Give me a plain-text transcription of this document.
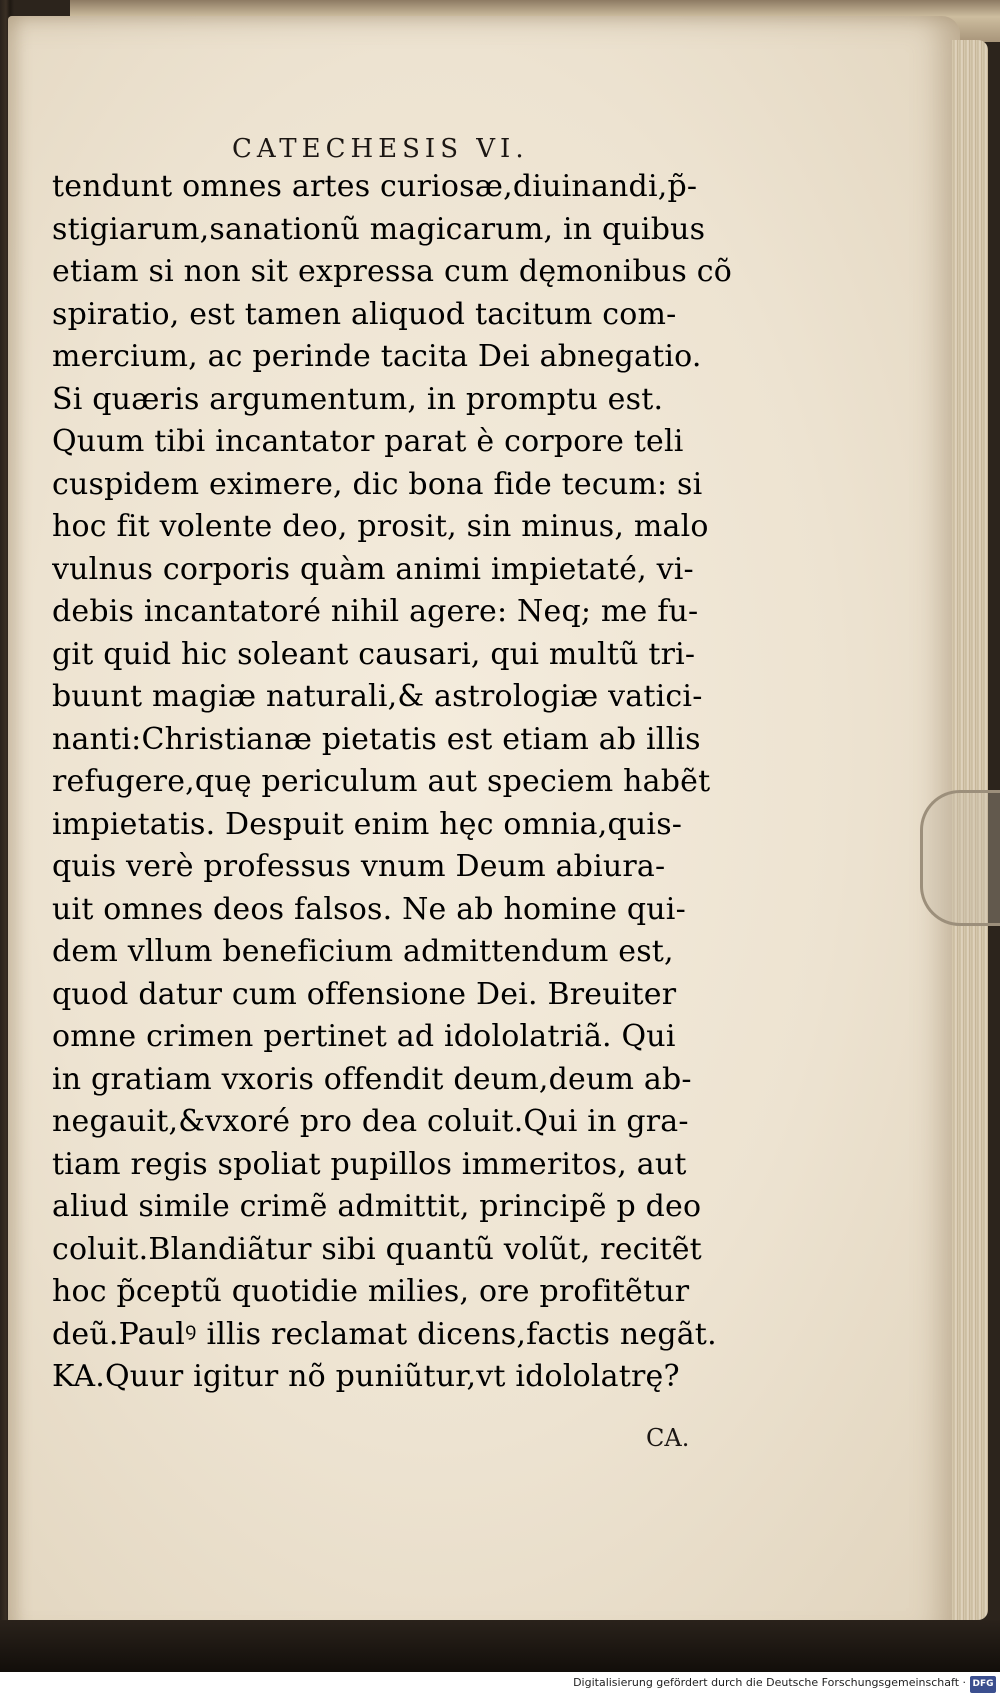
CATECHESIS VI.
tendunt omnes artes curiosæ,diuinandi,p̃-
stigiarum,sanationũ magicarum, in quibus
etiam si non sit expressa cum dęmonibus cõ
spiratio, est tamen aliquod tacitum com-
mercium, ac perinde tacita Dei abnegatio.
Si quæris argumentum, in promptu est.
Quum tibi incantator parat è corpore teli
cuspidem eximere, dic bona fide tecum: si
hoc fit volente deo, prosit, sin minus, malo
vulnus corporis quàm animi impietaté, vi-
debis incantatoré nihil agere: Neq; me fu-
git quid hic soleant causari, qui multũ tri-
buunt magiæ naturali,& astrologiæ vatici-
nanti:Christianæ pietatis est etiam ab illis
refugere,quę periculum aut speciem habẽt
impietatis. Despuit enim hęc omnia,quis-
quis verè professus vnum Deum abiura-
uit omnes deos falsos. Ne ab homine qui-
dem vllum beneficium admittendum est,
quod datur cum offensione Dei. Breuiter
omne crimen pertinet ad idololatriã. Qui
in gratiam vxoris offendit deum,deum ab-
negauit,&vxoré pro dea coluit.Qui in gra-
tiam regis spoliat pupillos immeritos, aut
aliud simile crimẽ admittit, principẽ p deo
coluit.Blandiãtur sibi quantũ volũt, recitẽt
hoc p̃ceptũ quotidie milies, ore profitẽtur
deũ.Paulꝰ illis reclamat dicens,factis negãt.
KA.Quur igitur nõ puniũtur,vt idololatrę?
CA.
Digitalisierung gefördert durch die Deutsche Forschungsgemeinschaft · DFG
